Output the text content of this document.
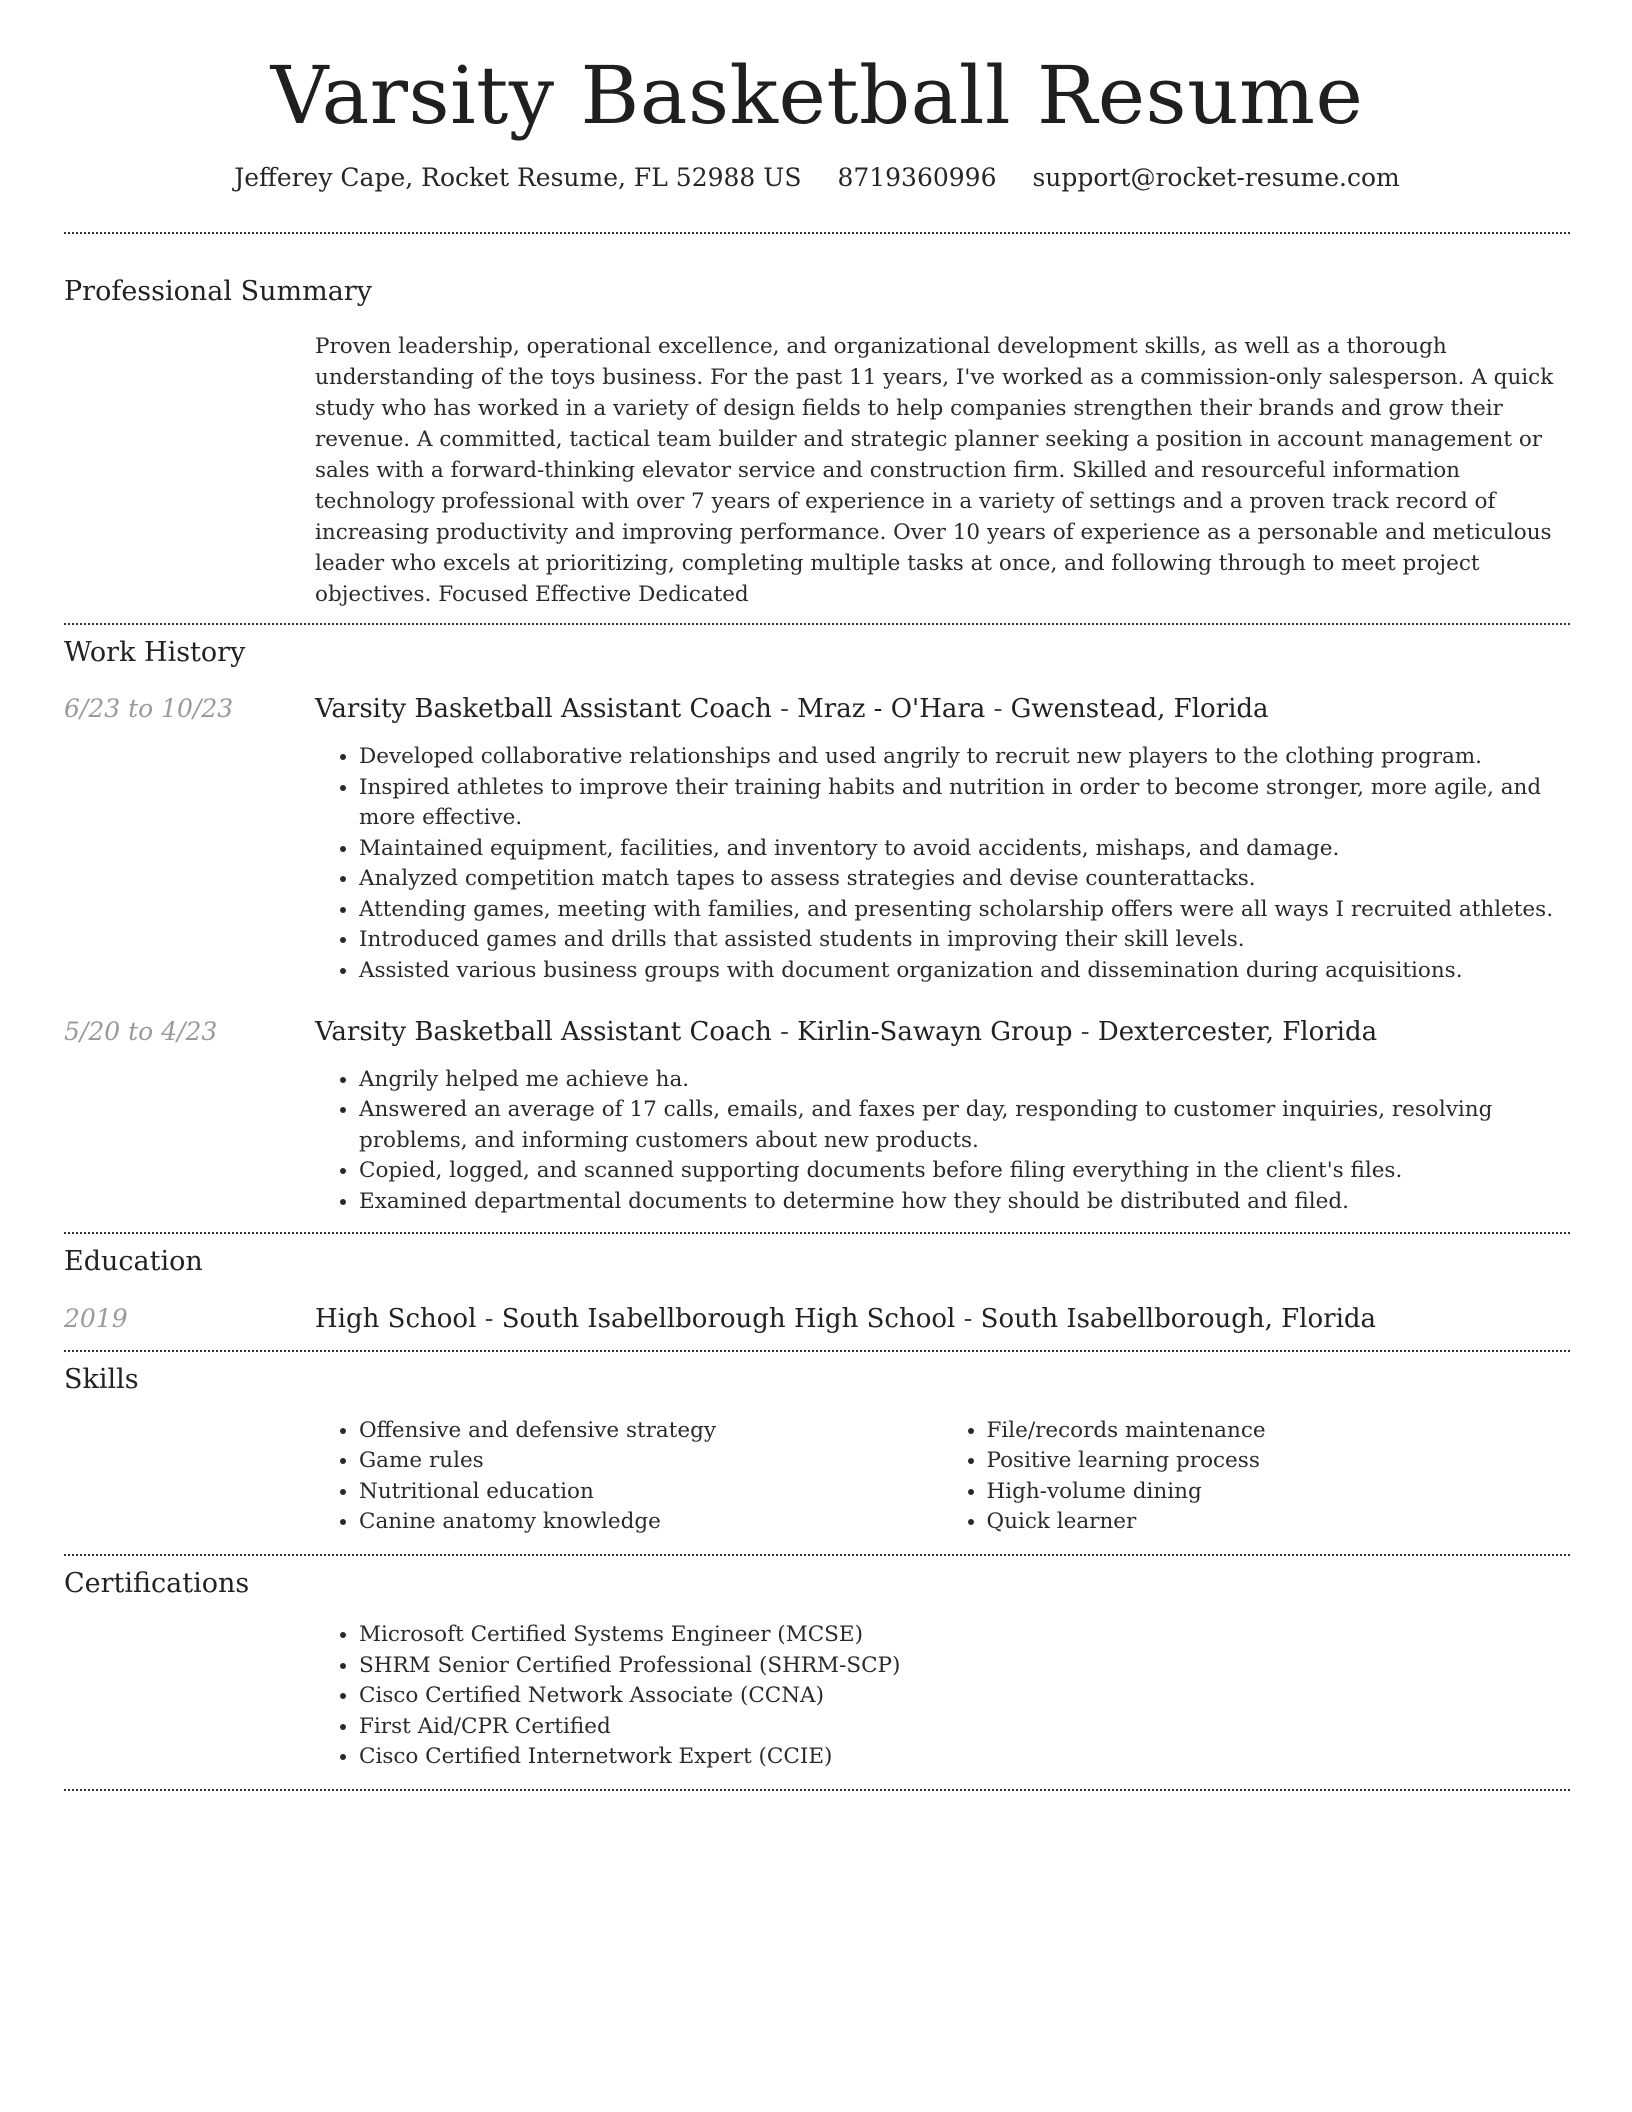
Varsity Basketball Resume
Jefferey Cape, Rocket Resume, FL 52988 US 8719360996 support@rocket-resume.com
Professional Summary
Proven leadership, operational excellence, and organizational development skills, as well as a thorough understanding of the toys business. For the past 11 years, I've worked as a commission-only salesperson. A quick study who has worked in a variety of design fields to help companies strengthen their brands and grow their revenue. A committed, tactical team builder and strategic planner seeking a position in account management or sales with a forward-thinking elevator service and construction firm. Skilled and resourceful information technology professional with over 7 years of experience in a variety of settings and a proven track record of increasing productivity and improving performance. Over 10 years of experience as a personable and meticulous leader who excels at prioritizing, completing multiple tasks at once, and following through to meet project objectives. Focused Effective Dedicated
Work History
6/23 to 10/23	Varsity Basketball Assistant Coach - Mraz - O'Hara - Gwenstead, Florida
• Developed collaborative relationships and used angrily to recruit new players to the clothing program.
• Inspired athletes to improve their training habits and nutrition in order to become stronger, more agile, and more effective.
• Maintained equipment, facilities, and inventory to avoid accidents, mishaps, and damage.
• Analyzed competition match tapes to assess strategies and devise counterattacks.
• Attending games, meeting with families, and presenting scholarship offers were all ways I recruited athletes.
• Introduced games and drills that assisted students in improving their skill levels.
• Assisted various business groups with document organization and dissemination during acquisitions.
5/20 to 4/23	Varsity Basketball Assistant Coach - Kirlin-Sawayn Group - Dextercester, Florida
• Angrily helped me achieve ha.
• Answered an average of 17 calls, emails, and faxes per day, responding to customer inquiries, resolving problems, and informing customers about new products.
• Copied, logged, and scanned supporting documents before filing everything in the client's files.
• Examined departmental documents to determine how they should be distributed and filed.
Education
2019	High School - South Isabellborough High School - South Isabellborough, Florida
Skills
• Offensive and defensive strategy
• Game rules
• Nutritional education
• Canine anatomy knowledge
• File/records maintenance
• Positive learning process
• High-volume dining
• Quick learner
Certifications
• Microsoft Certified Systems Engineer (MCSE)
• SHRM Senior Certified Professional (SHRM-SCP)
• Cisco Certified Network Associate (CCNA)
• First Aid/CPR Certified
• Cisco Certified Internetwork Expert (CCIE)
